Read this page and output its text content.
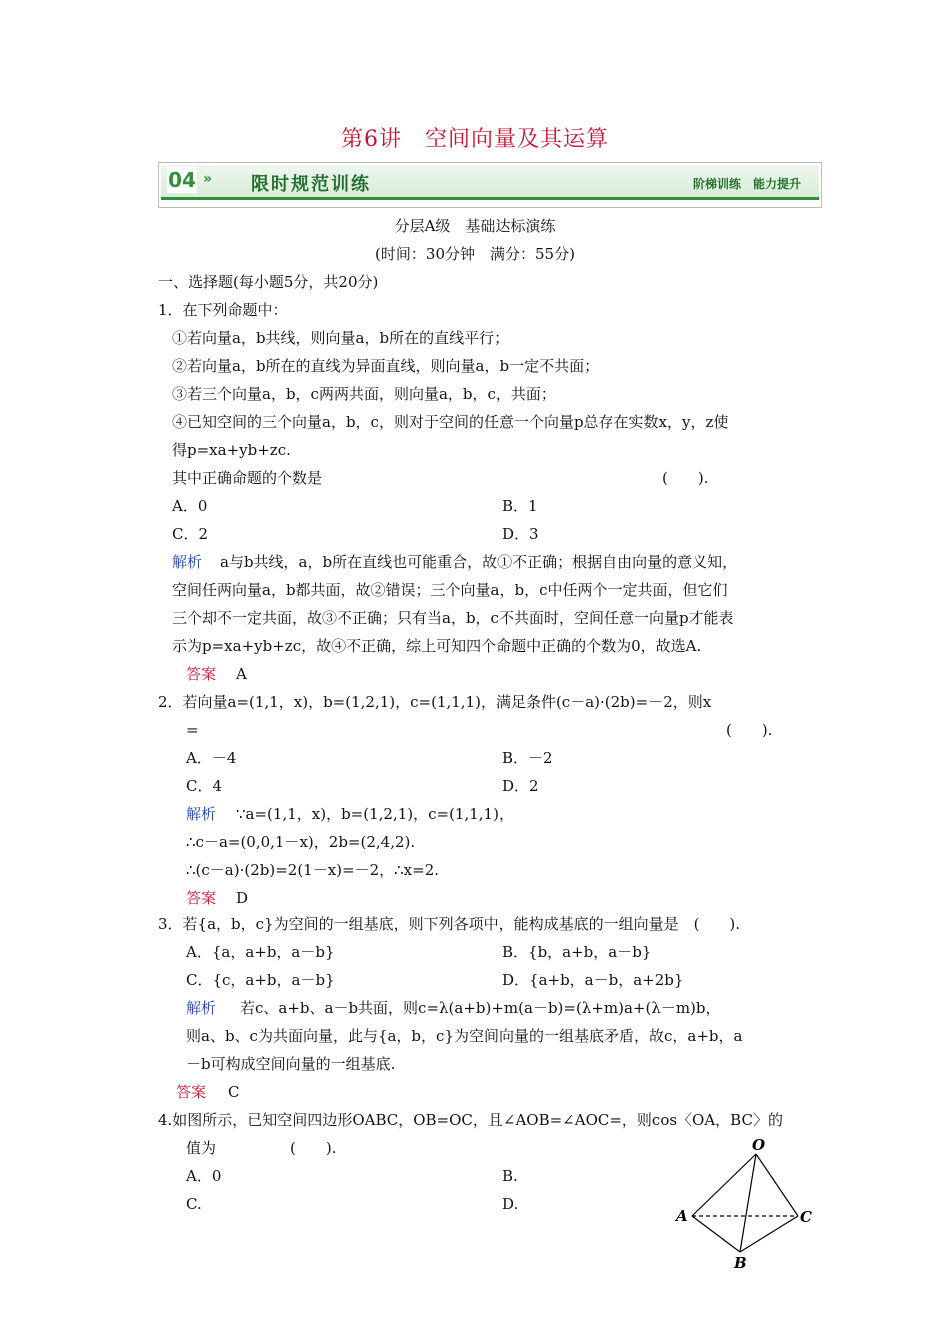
第6讲　空间向量及其运算
04 » 限时规范训练	阶梯训练　能力提升
分层A级　基础达标演练
(时间：30分钟　满分：55分)
一、选择题(每小题5分，共20分)
1．在下列命题中：
①若向量a，b共线，则向量a，b所在的直线平行；
②若向量a，b所在的直线为异面直线，则向量a，b一定不共面；
③若三个向量a，b，c两两共面，则向量a，b，c，共面；
④已知空间的三个向量a，b，c，则对于空间的任意一个向量p总存在实数x，y，z使
得p=xa+yb+zc.
其中正确命题的个数是	(　　).
A．0	B．1
C．2	D．3
解析 a与b共线，a，b所在直线也可能重合，故①不正确；根据自由向量的意义知，
空间任两向量a，b都共面，故②错误；三个向量a，b，c中任两个一定共面，但它们
三个却不一定共面，故③不正确；只有当a，b，c不共面时，空间任意一向量p才能表
示为p=xa+yb+zc，故④不正确，综上可知四个命题中正确的个数为0，故选A.
答案 A
2．若向量a=(1,1，x)，b=(1,2,1)，c=(1,1,1)，满足条件(c－a)·(2b)=－2，则x
=	(　　).
A．－4	B．－2
C．4	D．2
解析 ∵a=(1,1，x)，b=(1,2,1)，c=(1,1,1)，
∴c－a=(0,0,1－x)，2b=(2,4,2).
∴(c－a)·(2b)=2(1－x)=－2，∴x=2.
答案 D
3．若{a，b，c}为空间的一组基底，则下列各项中，能构成基底的一组向量是　(　　).
A．{a，a+b，a－b}	B．{b，a+b，a－b}
C．{c，a+b，a－b}	D．{a+b，a－b，a+2b}
解析 若c、a+b、a－b共面，则c=λ(a+b)+m(a－b)=(λ+m)a+(λ－m)b，
则a、b、c为共面向量，此与{a，b，c}为空间向量的一组基底矛盾，故c，a+b，a
－b可构成空间向量的一组基底.
答案 C
4.如图所示，已知空间四边形OABC，OB=OC，且∠AOB=∠AOC=，则cos〈OA，BC〉的
值为	(　　).
A．0	B.
C.	D.
O
A
B
C
